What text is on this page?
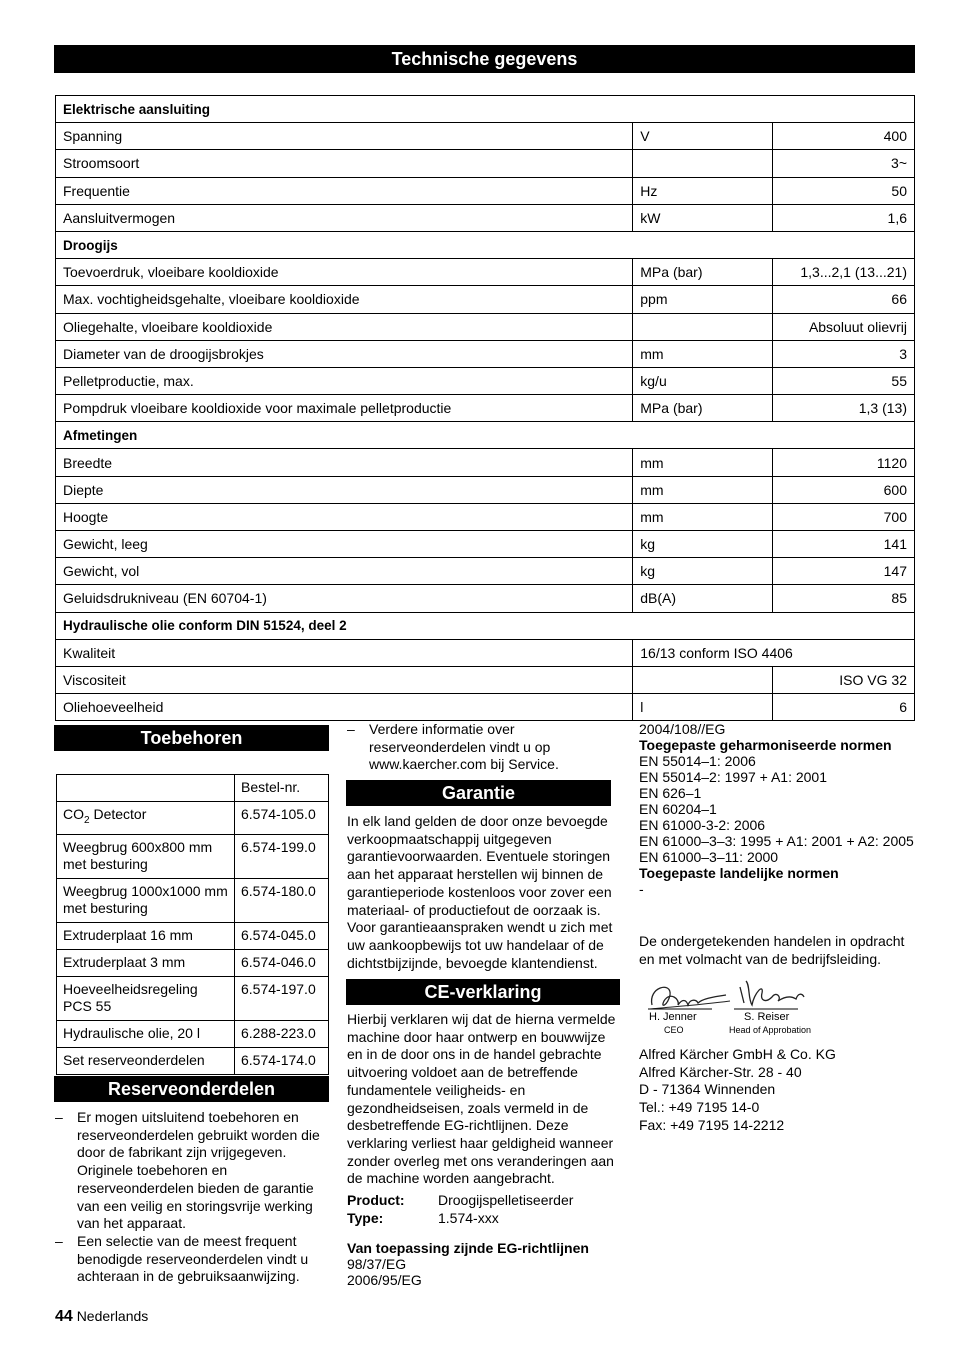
Technische gegevens
Elektrische aansluiting		
Spanning	V	400
Stroomsoort		3~
Frequentie	Hz	50
Aansluitvermogen	kW	1,6
Droogijs		
Toevoerdruk, vloeibare kooldioxide	MPa (bar)	1,3...2,1 (13...21)
Max. vochtigheidsgehalte, vloeibare kooldioxide	ppm	66
Oliegehalte, vloeibare kooldioxide		Absoluut olievrij
Diameter van de droogijsbrokjes	mm	3
Pelletproductie, max.	kg/u	55
Pompdruk vloeibare kooldioxide voor maximale pelletproductie	MPa (bar)	1,3 (13)
Afmetingen		
Breedte	mm	1120
Diepte	mm	600
Hoogte	mm	700
Gewicht, leeg	kg	141
Gewicht, vol	kg	147
Geluidsdrukniveau (EN 60704-1)	dB(A)	85
Hydraulische olie conform DIN 51524, deel 2		
Kwaliteit	16/13 conform ISO 4406	
Viscositeit		ISO VG 32
Oliehoeveelheid	l	6
Toebehoren
	Bestel-nr.
$CO_2$ Detector	6.574-105.0
Weegbrug 600x800 mm met besturing	6.574-199.0
Weegbrug 1000x1000 mm met besturing	6.574-180.0
Extruderplaat 16 mm	6.574-045.0
Extruderplaat 3 mm	6.574-046.0
Hoeveelheidsregeling PCS 55	6.574-197.0
Hydraulische olie, 20 l	6.288-223.0
Set reserveonderdelen	6.574-174.0
Reserveonderdelen
– Er mogen uitsluitend toebehoren en reserveonderdelen gebruikt worden die door de fabrikant zijn vrijgegeven. Originele toebehoren en reserveonderdelen bieden de garantie van een veilig en storingsvrije werking van het apparaat.
– Een selectie van de meest frequent benodigde reserveonderdelen vindt u achteraan in de gebruiksaanwijzing.
– Verdere informatie over reserveonderdelen vindt u op www.kaercher.com bij Service.
Garantie

In elk land gelden de door onze bevoegde verkoopmaatschappij uitgegeven garantievoorwaarden. Eventuele storingen aan het apparaat herstellen wij binnen de garantieperiode kostenloos voor zover een materiaal- of productiefout de oorzaak is. Voor garantieaanspraken wendt u zich met uw aankoopbewijs tot uw handelaar of de dichtstbijzijnde, bevoegde klantendienst.

CE-verklaring

Hierbij verklaren wij dat de hierna vermelde machine door haar ontwerp en bouwwijze en in de door ons in de handel gebrachte uitvoering voldoet aan de betreffende fundamentele veiligheids- en gezondheidseisen, zoals vermeld in de desbetreffende EG-richtlijnen. Deze verklaring verliest haar geldigheid wanneer zonder overleg met ons veranderingen aan de machine worden aangebracht.

Product: Droogijspelletiseerder
Type:	1.574-xxx
Van toepassing zijnde EG-richtlijnen
98/37/EG
2006/95/EG
2004/108//EG
Toegepaste geharmoniseerde normen
EN 55014–1: 2006
EN 55014–2: 1997 + A1: 2001
EN 626–1
EN 60204–1
EN 61000-3-2: 2006
EN 61000–3–3: 1995 + A1: 2001 + A2: 2005
EN 61000–3–11: 2000
Toegepaste landelijke normen
-

De ondergetekenden handelen in opdracht en met volmacht van de bedrijfsleiding.

H. Jenner
CEO
S. Reiser
Head of Approbation
Alfred Kärcher GmbH & Co. KG
Alfred Kärcher-Str. 28 - 40
D - 71364 Winnenden
Tel.: +49 7195 14-0
Fax: +49 7195 14-2212
44 Nederlands
